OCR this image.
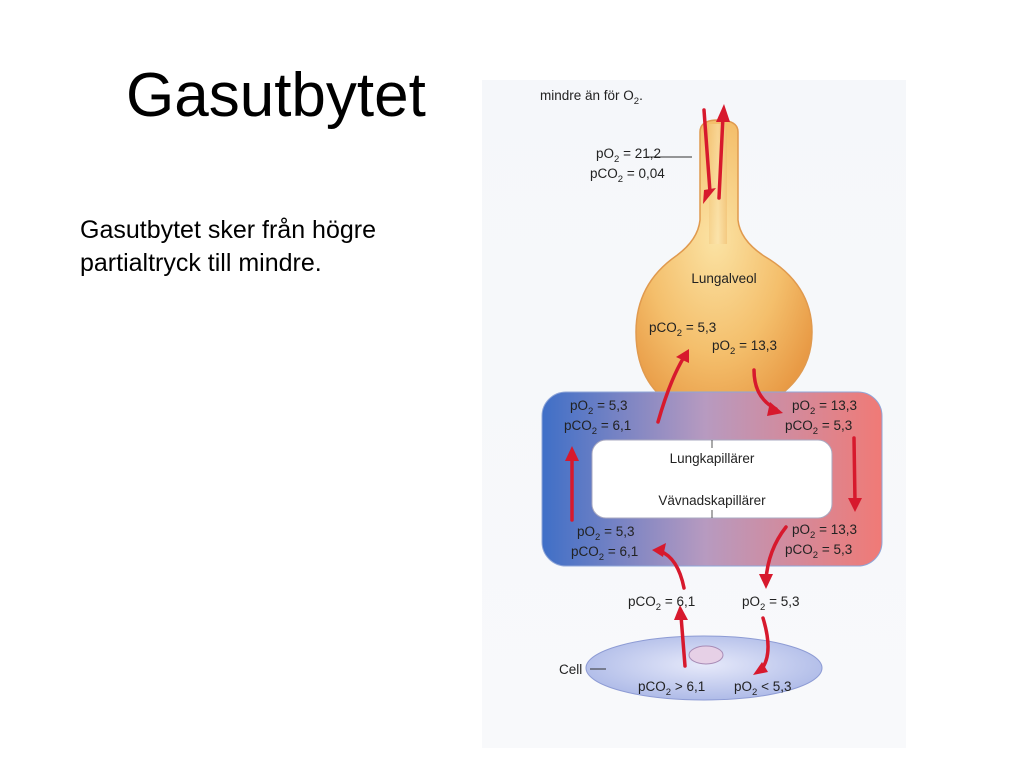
Gasutbytet

Gasutbytet sker från högre partialtryck till mindre.

mindre än för $O_2$.
Lungalveol
Lungkapillärer
Vävnadskapillärer
Cell
$pO_2 = 21,2$
pCO$_2$ = 0,04
pCO$_2$ = 5,3
$pO_2 = 13,3$
$pO_2 = 5,3$
pCO$_2$ = 6,1
$pO_2 = 13,3$
pCO$_2$ = 5,3
$pO_2 = 5,3$
pCO$_2$ = 6,1
$pO_2 = 13,3$
pCO$_2$ = 5,3
pCO$_2$ = 6,1	$pO_2 = 5,3$
pCO$_2$ > 6,1 $pO_2 < 5,3$
